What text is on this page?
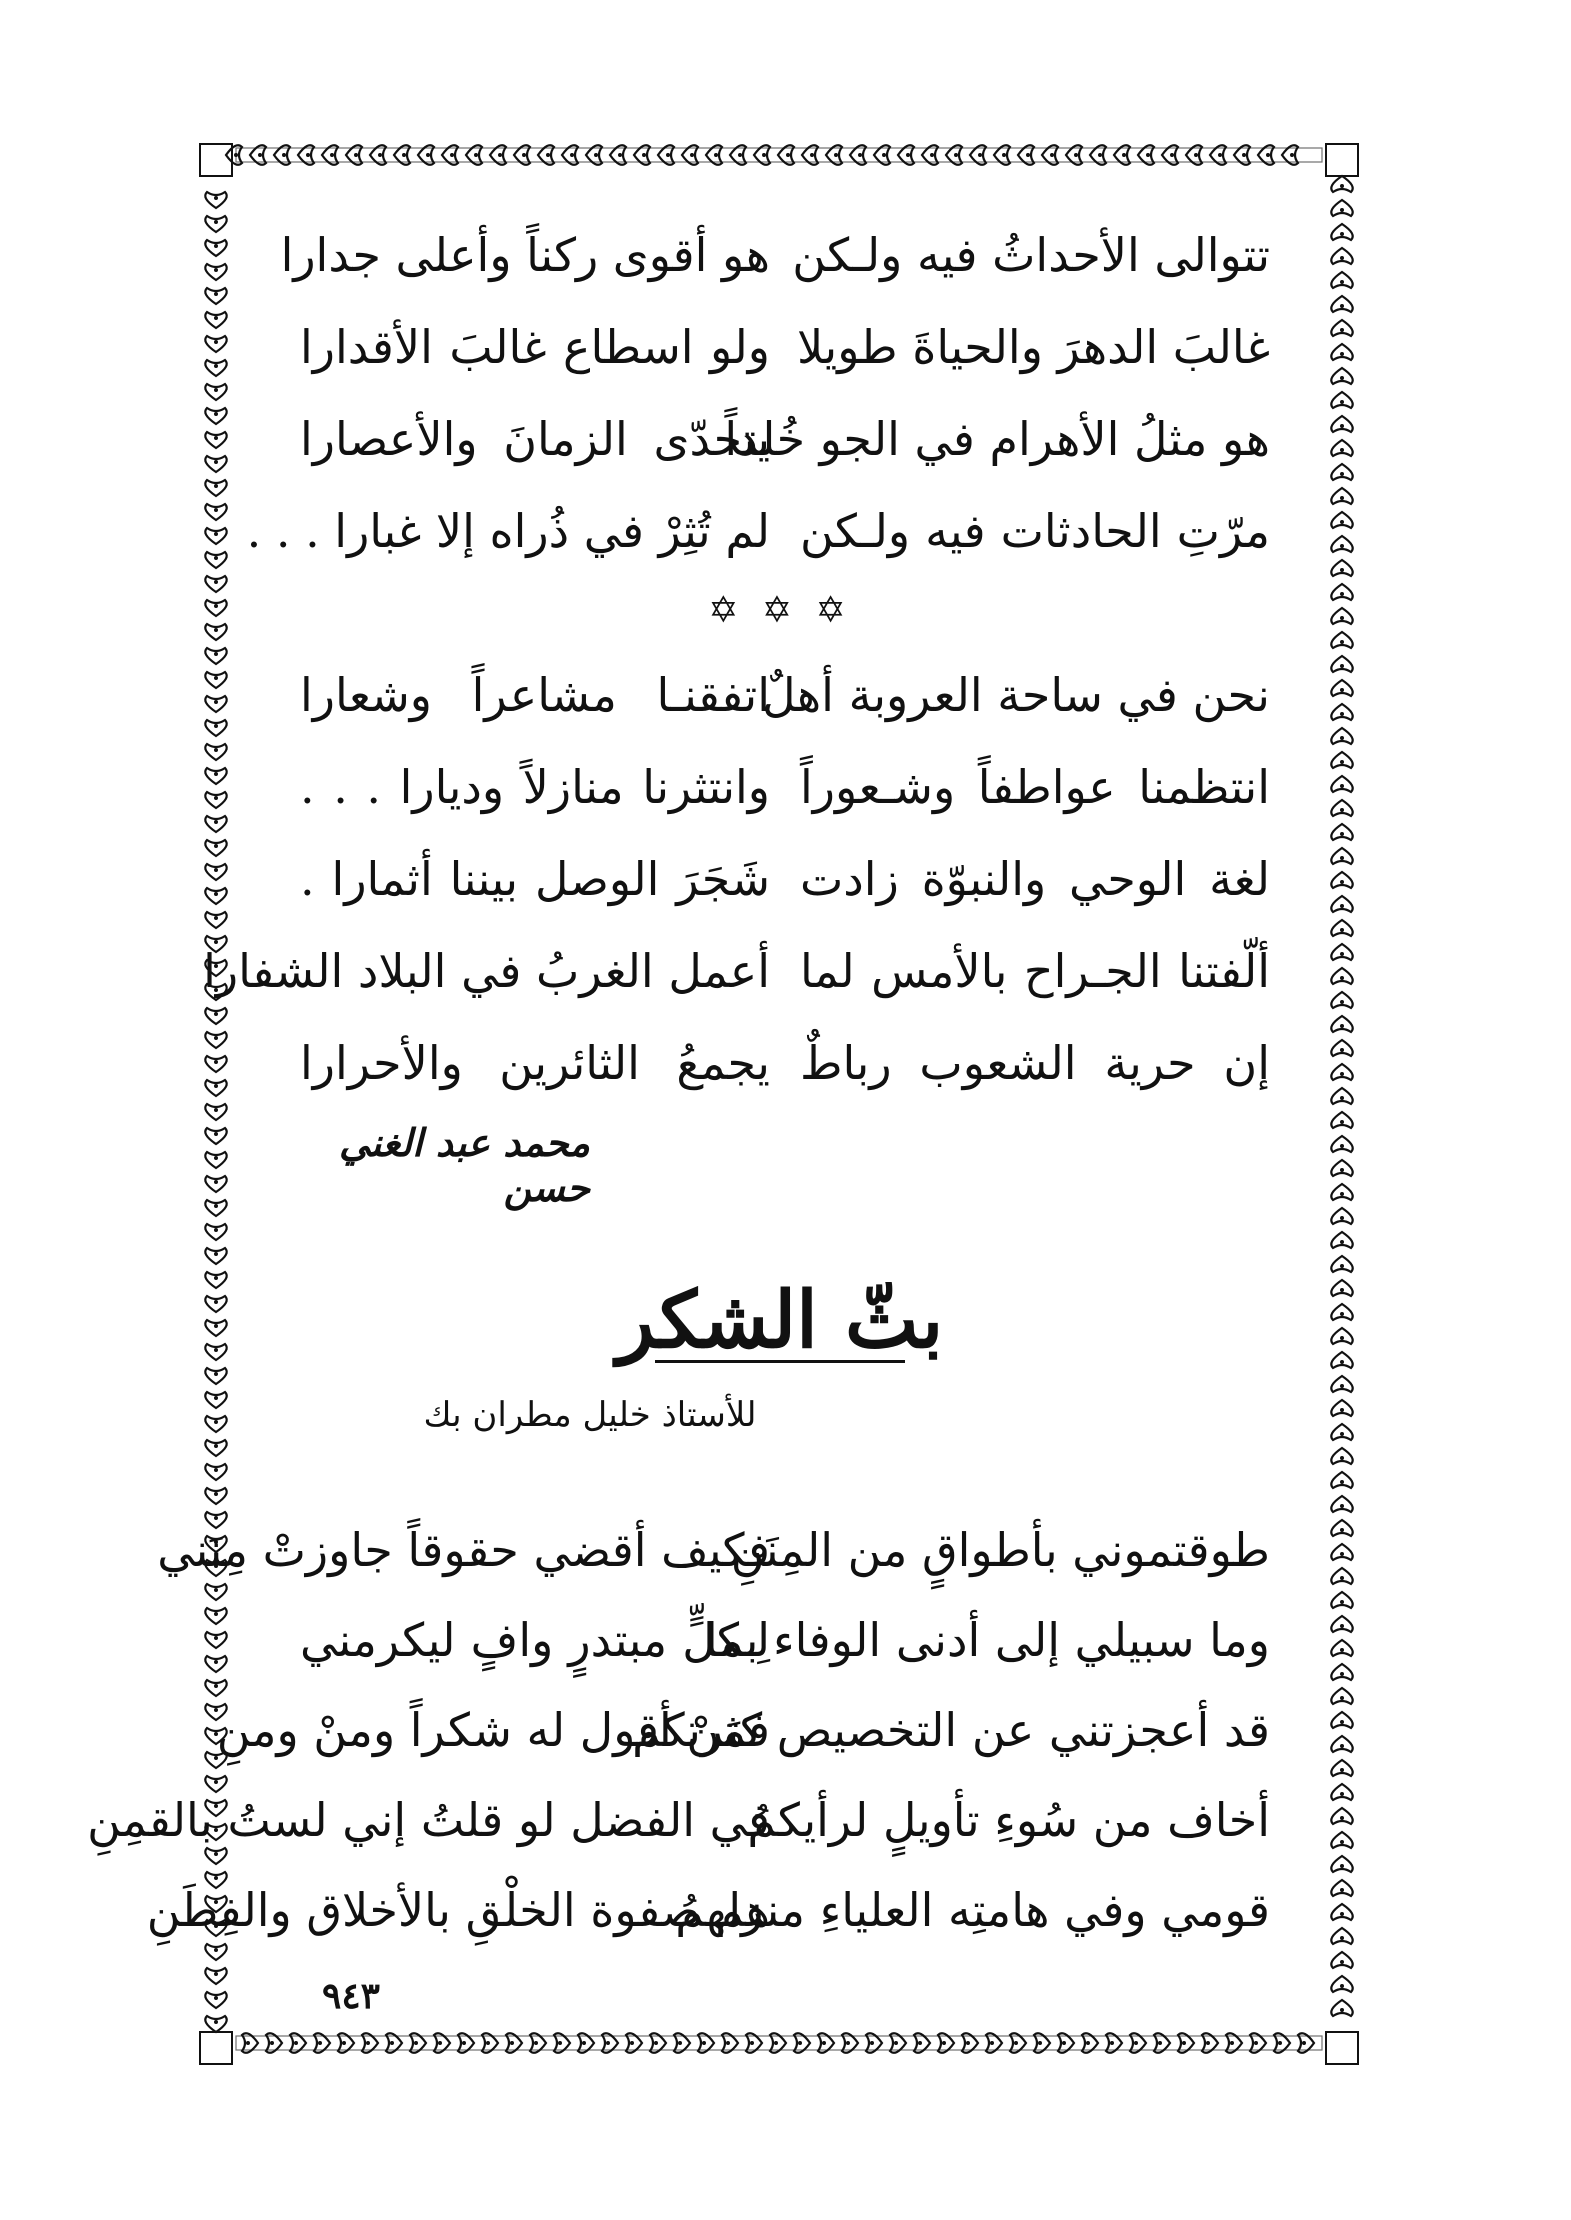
تتوالى الأحداثُ فيه ولـكن
هو أقوى ركناً وأعلى جدارا
غالبَ الدهرَ والحياةَ طويلا
ولو اسطاع غالبَ الأقدارا
هو مثلُ الأهرام في الجو خُلداً
يتحدّى الزمانَ والأعصارا
مرّتِ الحادثات فيه ولـكن
لم تُثِرْ في ذُراه إلا غبارا . . .
✡ ✡ ✡
نحن في ساحة العروبة أهلٌ
اتفقنـا مشاعراً وشعارا
انتظمنا عواطفاً وشـعوراً
وانتثرنا منازلاً وديارا . . .
لغة الوحي والنبوّة زادت
شَجَرَ الوصل بيننا أثمارا .
ألّفتنا الجـراح بالأمس لما
أعمل الغربُ في البلاد الشفارا
إن حرية الشعوب رباطٌ
يجمعُ الثائرين والأحرارا
محمد عبد الغني حسن
بثّ الشكر
للأستاذ خليل مطران بك
طوقتموني بأطواقٍ من المِنَنِ
فكيف أقضي حقوقاً جاوزتْ مِنَني
وما سبيلي إلى أدنى الوفاء بما
لِـكلٍّ مبتدرٍ وافٍ ليكرمني
قد أعجزتني عن التخصيص كثرتكم
فمَنْ أقول له شكراً ومنْ ومنِ
أخاف من سُوءِ تأويلٍ لرأيكمُ
في الفضل لو قلتُ إني لستُ بالقمِنِ
قومي وفي هامتِه العلياءِ منزلهمُ
هم صفوة الخلْقِ بالأخلاق والفِطَنِ
٩٤٣
